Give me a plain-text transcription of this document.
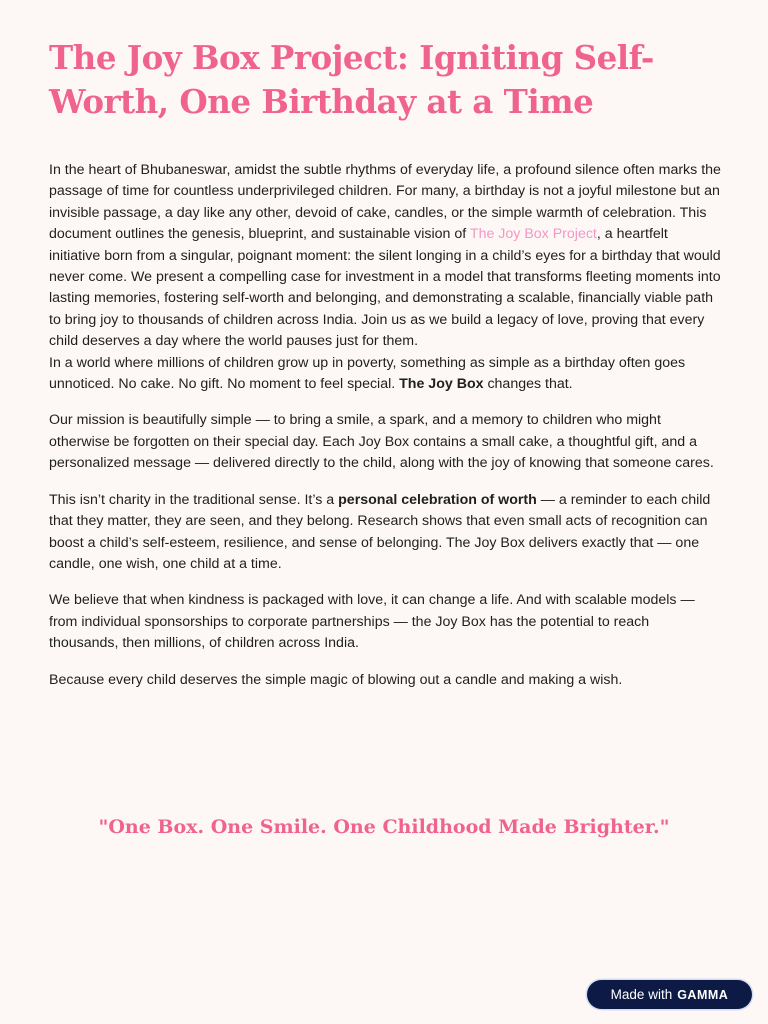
The Joy Box Project: Igniting Self-Worth, One Birthday at a Time

In the heart of Bhubaneswar, amidst the subtle rhythms of everyday life, a profound silence often marks the passage of time for countless underprivileged children. For many, a birthday is not a joyful milestone but an invisible passage, a day like any other, devoid of cake, candles, or the simple warmth of celebration. This document outlines the genesis, blueprint, and sustainable vision of The Joy Box Project, a heartfelt initiative born from a singular, poignant moment: the silent longing in a child’s eyes for a birthday that would never come. We present a compelling case for investment in a model that transforms fleeting moments into lasting memories, fostering self-worth and belonging, and demonstrating a scalable, financially viable path to bring joy to thousands of children across India. Join us as we build a legacy of love, proving that every child deserves a day where the world pauses just for them.

In a world where millions of children grow up in poverty, something as simple as a birthday often goes unnoticed. No cake. No gift. No moment to feel special. The Joy Box changes that.

Our mission is beautifully simple — to bring a smile, a spark, and a memory to children who might otherwise be forgotten on their special day. Each Joy Box contains a small cake, a thoughtful gift, and a personalized message — delivered directly to the child, along with the joy of knowing that someone cares.

This isn’t charity in the traditional sense. It’s a personal celebration of worth — a reminder to each child that they matter, they are seen, and they belong. Research shows that even small acts of recognition can boost a child’s self-esteem, resilience, and sense of belonging. The Joy Box delivers exactly that — one candle, one wish, one child at a time.

We believe that when kindness is packaged with love, it can change a life. And with scalable models — from individual sponsorships to corporate partnerships — the Joy Box has the potential to reach thousands, then millions, of children across India.

Because every child deserves the simple magic of blowing out a candle and making a wish.

"One Box. One Smile. One Childhood Made Brighter."
Made with GAMMA
